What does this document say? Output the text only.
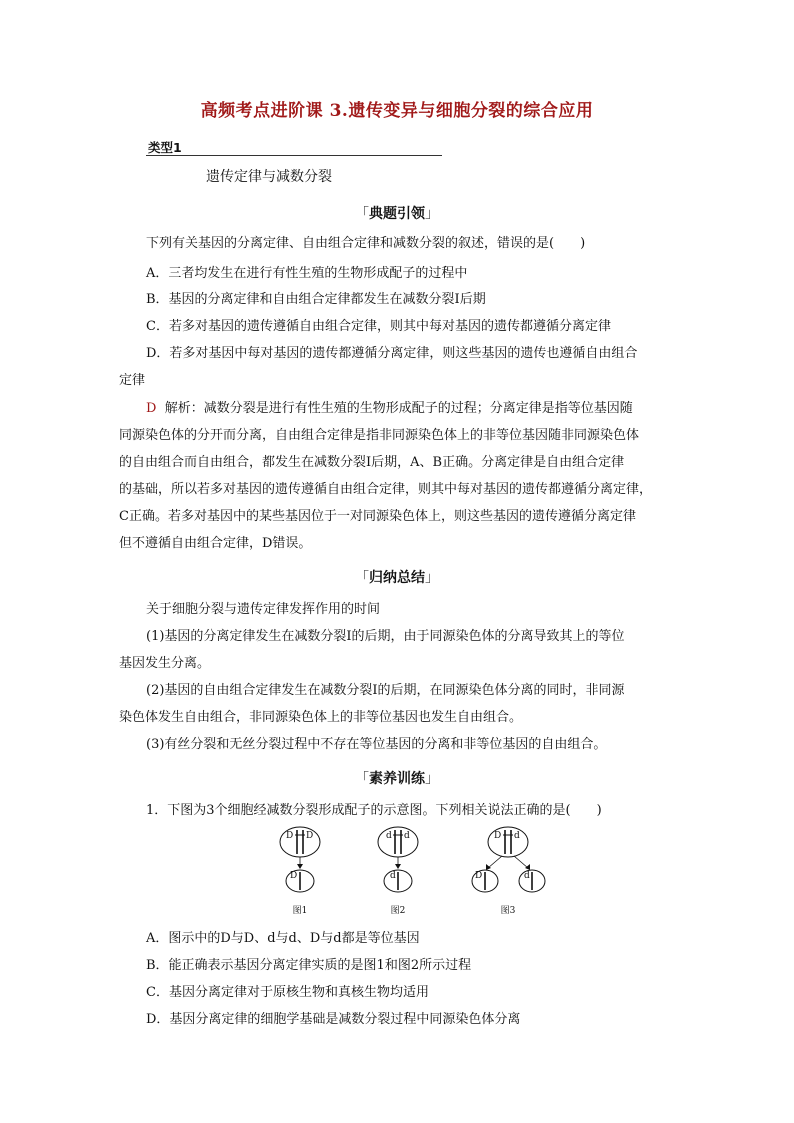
高频考点进阶课 3.遗传变异与细胞分裂的综合应用
类型1
遗传定律与减数分裂
「典题引领」
下列有关基因的分离定律、自由组合定律和减数分裂的叙述，错误的是(　　)
A．三者均发生在进行有性生殖的生物形成配子的过程中
B．基因的分离定律和自由组合定律都发生在减数分裂Ⅰ后期
C．若多对基因的遗传遵循自由组合定律，则其中每对基因的遗传都遵循分离定律
D．若多对基因中每对基因的遗传都遵循分离定律，则这些基因的遗传也遵循自由组合
定律
D 解析：减数分裂是进行有性生殖的生物形成配子的过程；分离定律是指等位基因随
同源染色体的分开而分离，自由组合定律是指非同源染色体上的非等位基因随非同源染色体
的自由组合而自由组合，都发生在减数分裂Ⅰ后期，A、B正确。分离定律是自由组合定律
的基础，所以若多对基因的遗传遵循自由组合定律，则其中每对基因的遗传都遵循分离定律，
C正确。若多对基因中的某些基因位于一对同源染色体上，则这些基因的遗传遵循分离定律
但不遵循自由组合定律，D错误。
「归纳总结」
关于细胞分裂与遗传定律发挥作用的时间
(1)基因的分离定律发生在减数分裂Ⅰ的后期，由于同源染色体的分离导致其上的等位
基因发生分离。
(2)基因的自由组合定律发生在减数分裂Ⅰ的后期，在同源染色体分离的同时，非同源
染色体发生自由组合，非同源染色体上的非等位基因也发生自由组合。
(3)有丝分裂和无丝分裂过程中不存在等位基因的分离和非等位基因的自由组合。
「素养训练」
1．下图为3个细胞经减数分裂形成配子的示意图。下列相关说法正确的是(　　)
D D
D
图1
d d
d
图2
D d
D	d
图3
A．图示中的D与D、d与d、D与d都是等位基因
B．能正确表示基因分离定律实质的是图1和图2所示过程
C．基因分离定律对于原核生物和真核生物均适用
D．基因分离定律的细胞学基础是减数分裂过程中同源染色体分离
